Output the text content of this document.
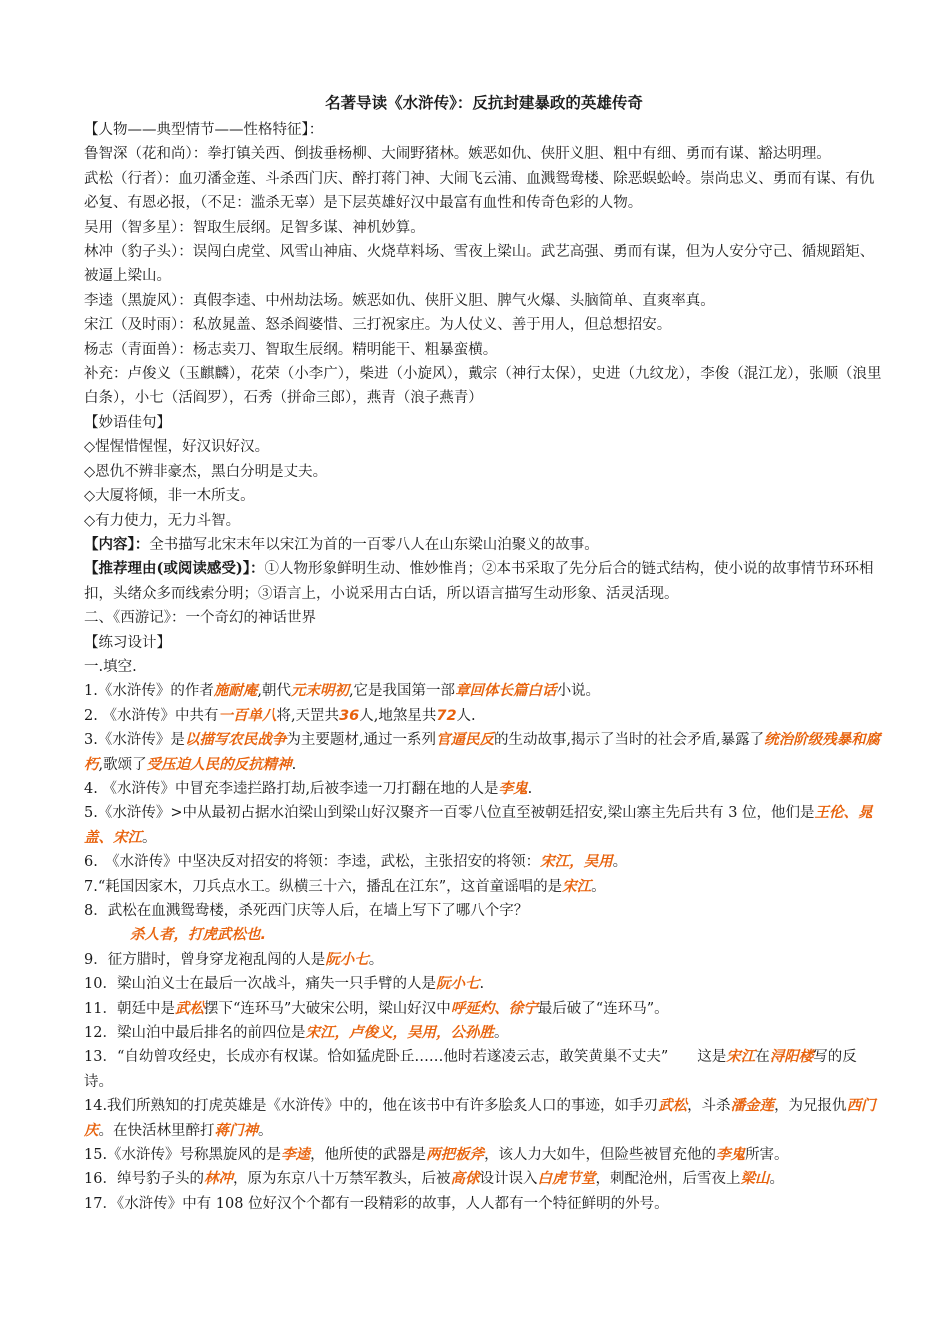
名著导读《水浒传》：反抗封建暴政的英雄传奇
【人物——典型情节——性格特征】：
鲁智深（花和尚）：拳打镇关西、倒拔垂杨柳、大闹野猪林。嫉恶如仇、侠肝义胆、粗中有细、勇而有谋、豁达明理。
武松（行者）：血刃潘金莲、斗杀西门庆、醉打蒋门神、大闹飞云浦、血溅鸳鸯楼、除恶蜈蚣岭。崇尚忠义、勇而有谋、有仇必复、有恩必报，（不足：滥杀无辜）是下层英雄好汉中最富有血性和传奇色彩的人物。
吴用（智多星）：智取生辰纲。足智多谋、神机妙算。
林冲（豹子头）：误闯白虎堂、风雪山神庙、火烧草料场、雪夜上梁山。武艺高强、勇而有谋，但为人安分守己、循规蹈矩、被逼上梁山。
李逵（黑旋风）：真假李逵、中州劫法场。嫉恶如仇、侠肝义胆、脾气火爆、头脑简单、直爽率真。
宋江（及时雨）：私放晁盖、怒杀阎婆惜、三打祝家庄。为人仗义、善于用人，但总想招安。
杨志（青面兽）：杨志卖刀、智取生辰纲。精明能干、粗暴蛮横。
补充：卢俊义（玉麒麟），花荣（小李广），柴进（小旋风），戴宗（神行太保），史进（九纹龙），李俊（混江龙），张顺（浪里白条），小七（活阎罗），石秀（拼命三郎），燕青（浪子燕青）
【妙语佳句】
◇惺惺惜惺惺，好汉识好汉。
◇恩仇不辨非豪杰，黑白分明是丈夫。
◇大厦将倾，非一木所支。
◇有力使力，无力斗智。
【内容】：全书描写北宋末年以宋江为首的一百零八人在山东梁山泊聚义的故事。
【推荐理由(或阅读感受)】：①人物形象鲜明生动、惟妙惟肖；②本书采取了先分后合的链式结构，使小说的故事情节环环相扣，头绪众多而线索分明；③语言上，小说采用古白话，所以语言描写生动形象、活灵活现。
二、《西游记》：一个奇幻的神话世界
【练习设计】
一.填空.
1.《水浒传》的作者施耐庵,朝代元末明初,它是我国第一部章回体长篇白话小说。
2. 《水浒传》中共有一百单八将,天罡共36人,地煞星共72人.
3.《水浒传》是以描写农民战争为主要题材,通过一系列官逼民反的生动故事,揭示了当时的社会矛盾,暴露了统治阶级残暴和腐朽,歌颂了受压迫人民的反抗精神.
4. 《水浒传》中冒充李逵拦路打劫,后被李逵一刀打翻在地的人是李鬼.
5.《水浒传》>中从最初占据水泊梁山到梁山好汉聚齐一百零八位直至被朝廷招安,梁山寨主先后共有 3 位，他们是王伦、晁盖、宋江。
6.　《水浒传》中坚决反对招安的将领：李逵，武松，主张招安的将领：宋江，吴用。
7.“耗国因家木，刀兵点水工。纵横三十六，播乱在江东”，这首童谣唱的是宋江。
8．武松在血溅鸳鸯楼，杀死西门庆等人后，在墙上写下了哪八个字？
杀人者，打虎武松也.
9．征方腊时，曾身穿龙袍乱闯的人是阮小七。
10．梁山泊义士在最后一次战斗，痛失一只手臂的人是阮小七.
11．朝廷中是武松摆下“连环马”大破宋公明，梁山好汉中呼延灼、徐宁最后破了“连环马”。
12．梁山泊中最后排名的前四位是宋江，卢俊义，吴用，公孙胜。
13．“自幼曾攻经史，长成亦有权谋。恰如猛虎卧丘……他时若遂凌云志，敢笑黄巢不丈夫”　　这是宋江在浔阳楼写的反诗。
14.我们所熟知的打虎英雄是《水浒传》中的，他在该书中有许多脍炙人口的事迹，如手刃武松，斗杀潘金莲，为兄报仇西门庆。在快活林里醉打蒋门神。
15.《水浒传》号称黑旋风的是李逵，他所使的武器是两把板斧，该人力大如牛，但险些被冒充他的李鬼所害。
16．绰号豹子头的林冲，原为东京八十万禁军教头，后被高俅设计误入白虎节堂，刺配沧州，后雪夜上梁山。
17．《水浒传》中有 108 位好汉个个都有一段精彩的故事，人人都有一个特征鲜明的外号。
